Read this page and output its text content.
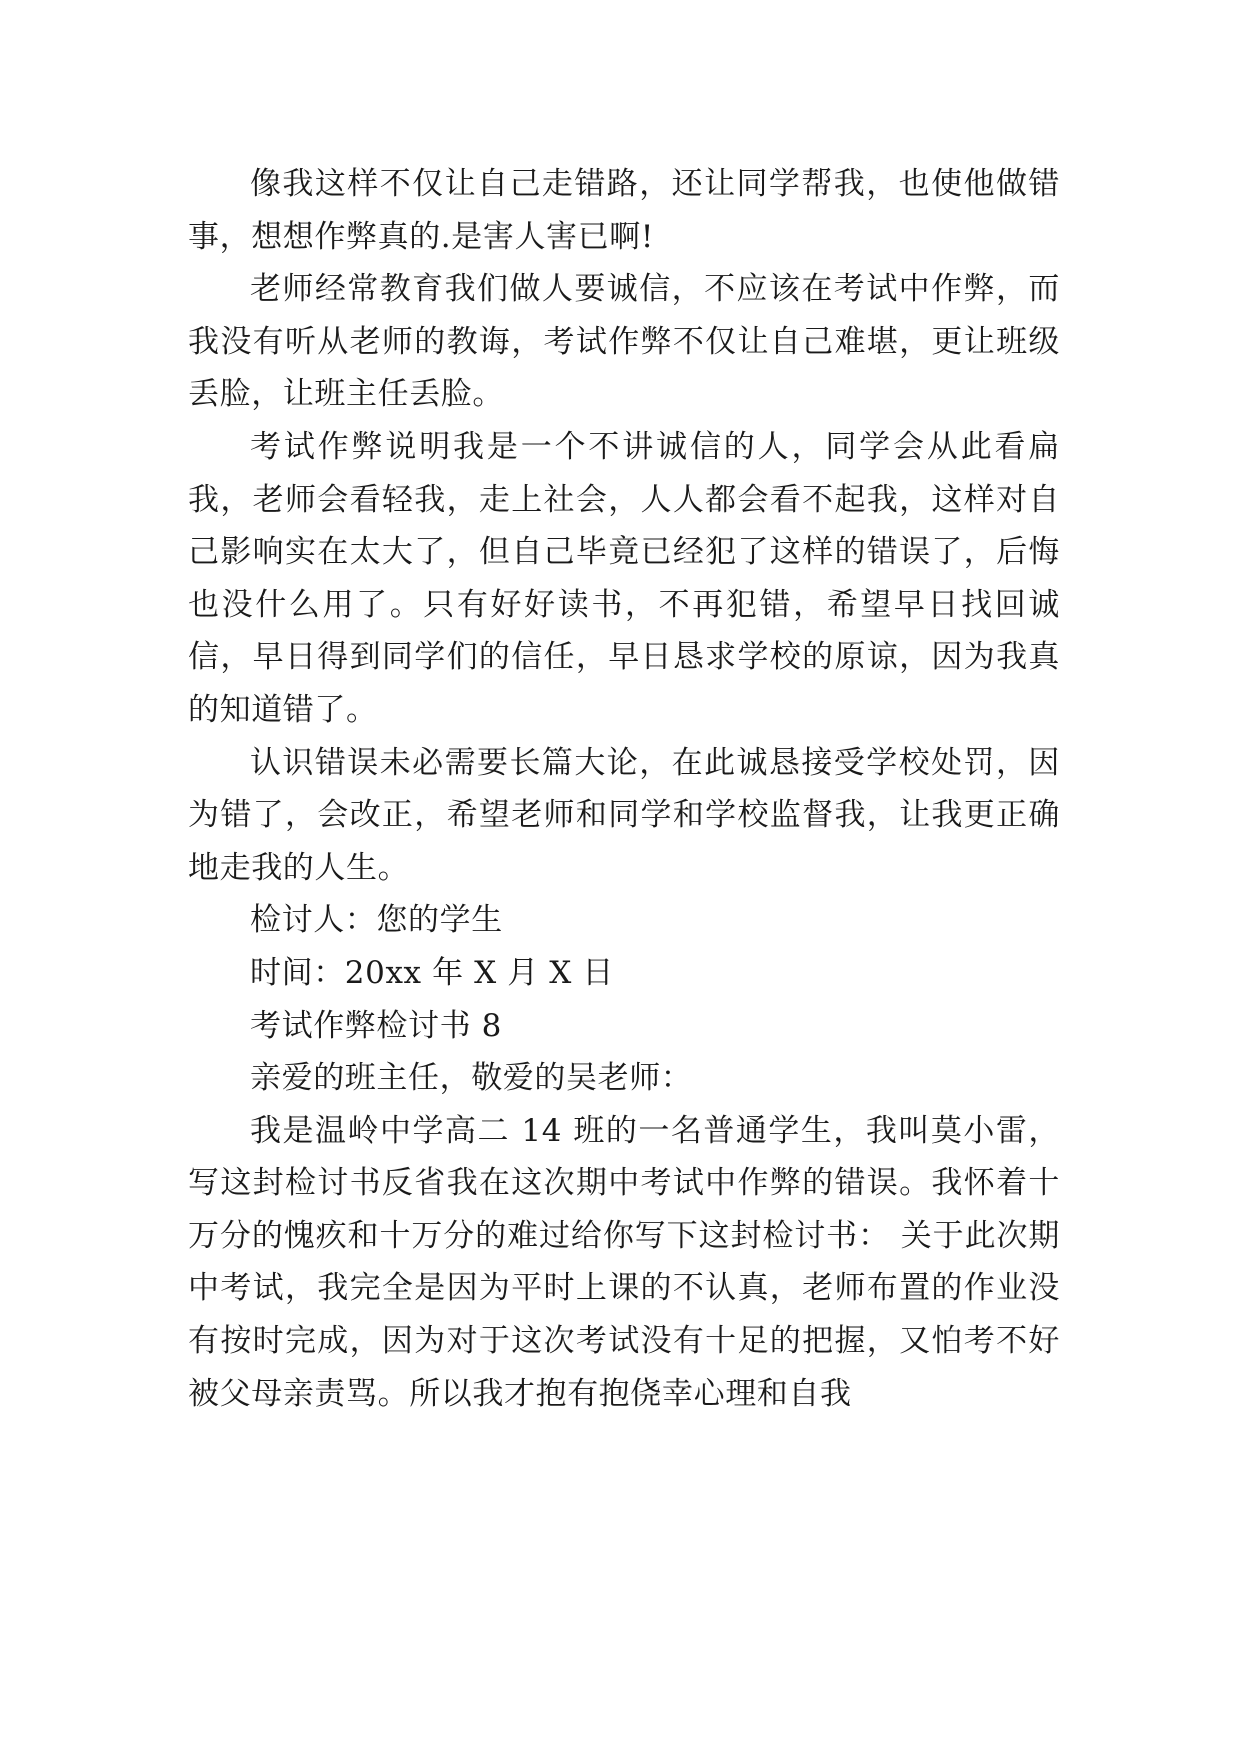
像我这样不仅让自己走错路，还让同学帮我，也使他做错事，想想作弊真的.是害人害已啊!

老师经常教育我们做人要诚信，不应该在考试中作弊，而我没有听从老师的教诲，考试作弊不仅让自己难堪，更让班级丢脸，让班主任丢脸。

考试作弊说明我是一个不讲诚信的人，同学会从此看扁我，老师会看轻我，走上社会，人人都会看不起我，这样对自己影响实在太大了，但自己毕竟已经犯了这样的错误了，后悔也没什么用了。只有好好读书，不再犯错，希望早日找回诚信，早日得到同学们的信任，早日恳求学校的原谅，因为我真的知道错了。

认识错误未必需要长篇大论，在此诚恳接受学校处罚，因为错了，会改正，希望老师和同学和学校监督我，让我更正确地走我的人生。

检讨人：您的学生

时间：20xx 年 X 月 X 日

考试作弊检讨书 8

亲爱的班主任，敬爱的吴老师：

我是温岭中学高二 14 班的一名普通学生，我叫莫小雷，写这封检讨书反省我在这次期中考试中作弊的错误。我怀着十万分的愧疚和十万分的难过给你写下这封检讨书： 关于此次期中考试，我完全是因为平时上课的不认真，老师布置的作业没有按时完成，因为对于这次考试没有十足的把握，又怕考不好被父母亲责骂。所以我才抱有抱侥幸心理和自我
